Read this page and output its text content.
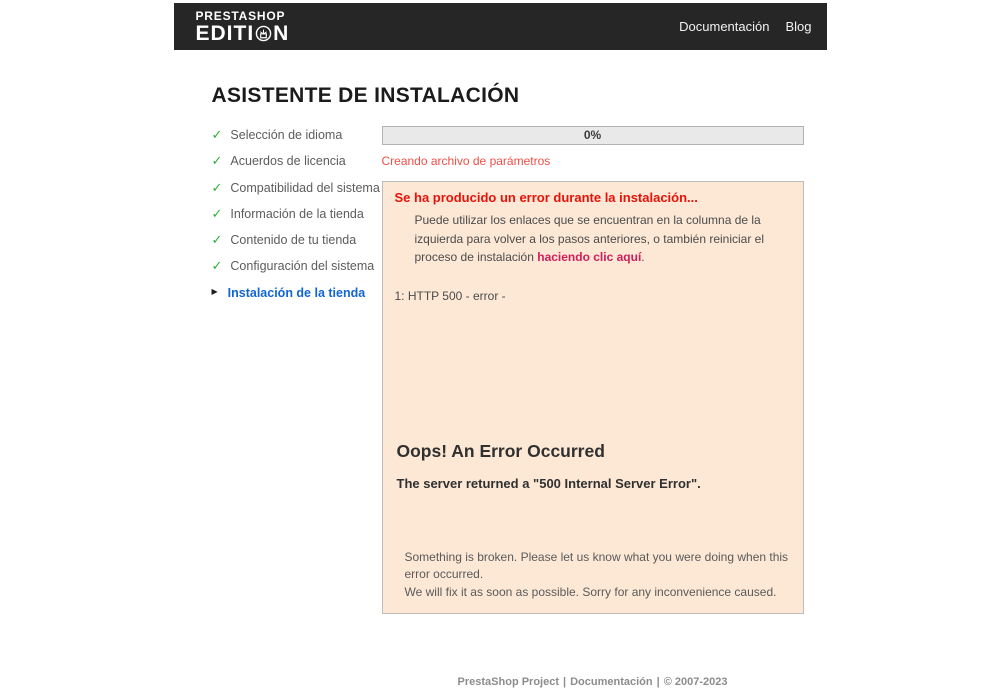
PRESTASHOP
EDITI N	Documentación Blog
ASISTENTE DE INSTALACIÓN
✓ Selección de idioma
✓ Acuerdos de licencia
✓ Compatibilidad del sistema
✓ Información de la tienda
✓ Contenido de tu tienda
✓ Configuración del sistema
▶ Instalación de la tienda
0%
Creando archivo de parámetros
Se ha producido un error durante la instalación...
Puede utilizar los enlaces que se encuentran en la columna de la izquierda para volver a los pasos anteriores, o también reiniciar el proceso de instalación haciendo clic aquí.
1: HTTP 500 - error -
Oops! An Error Occurred
The server returned a "500 Internal Server Error".
Something is broken. Please let us know what you were doing when this error occurred.
We will fix it as soon as possible. Sorry for any inconvenience caused.
PrestaShop Project | Documentación | © 2007-2023
